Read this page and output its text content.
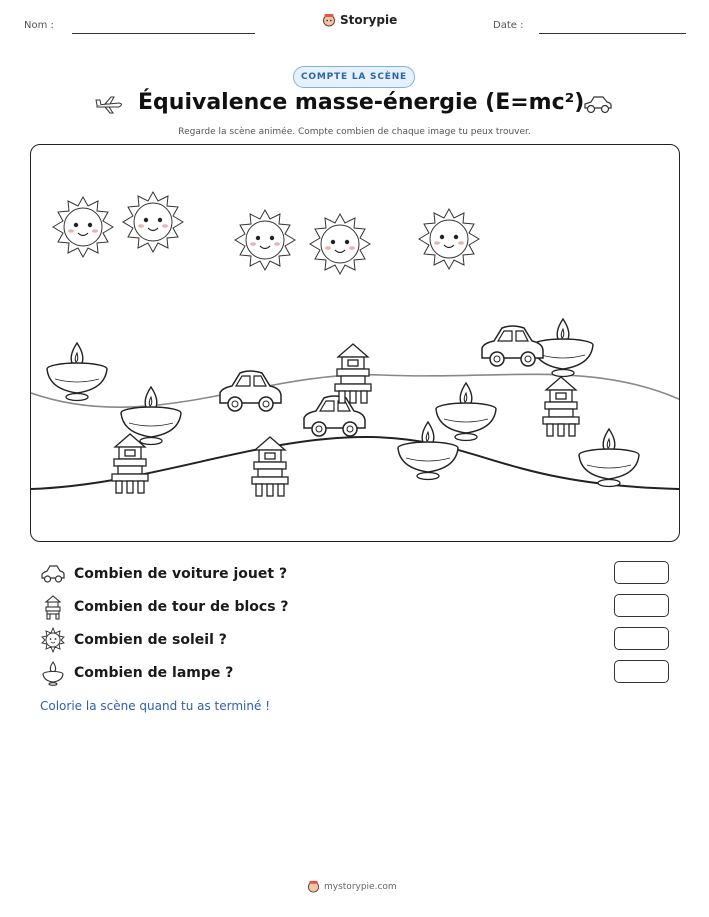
Nom :	Storypie	Date :
COMPTE LA SCÈNE
Équivalence masse-énergie (E=mc²)
Regarde la scène animée. Compte combien de chaque image tu peux trouver.
Combien de voiture jouet ?
Combien de tour de blocs ?
Combien de soleil ?
Combien de lampe ?
Colorie la scène quand tu as terminé !
mystorypie.com
